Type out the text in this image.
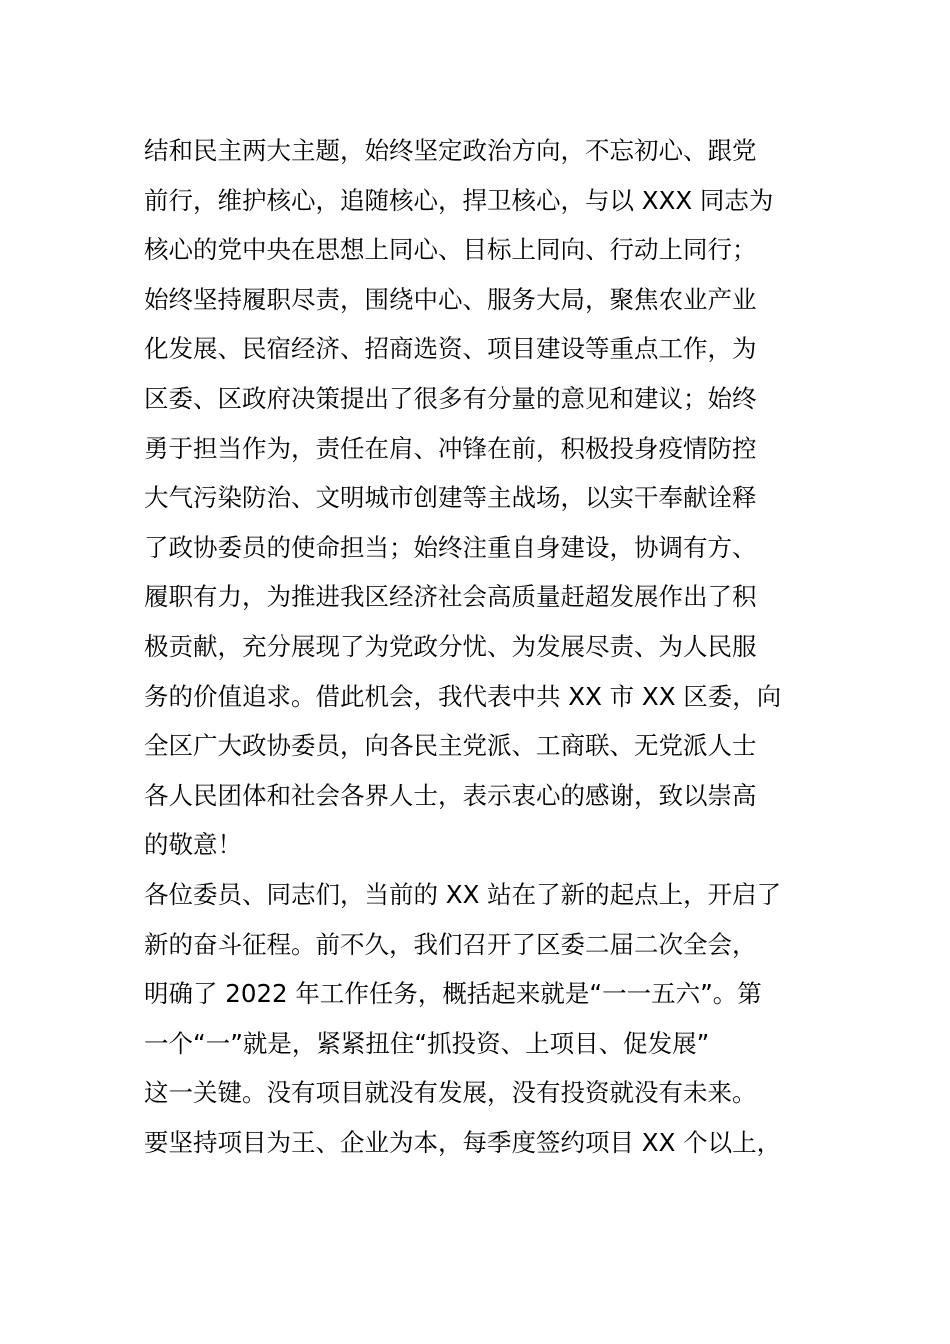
结和民主两大主题，始终坚定政治方向，不忘初心、跟党
前行，维护核心，追随核心，捍卫核心，与以 XXX 同志为
核心的党中央在思想上同心、目标上同向、行动上同行；
始终坚持履职尽责，围绕中心、服务大局，聚焦农业产业
化发展、民宿经济、招商选资、项目建设等重点工作，为
区委、区政府决策提出了很多有分量的意见和建议；始终
勇于担当作为，责任在肩、冲锋在前，积极投身疫情防控
大气污染防治、文明城市创建等主战场，以实干奉献诠释
了政协委员的使命担当；始终注重自身建设，协调有方、
履职有力，为推进我区经济社会高质量赶超发展作出了积
极贡献，充分展现了为党政分忧、为发展尽责、为人民服
务的价值追求。借此机会，我代表中共 XX 市 XX 区委，向
全区广大政协委员，向各民主党派、工商联、无党派人士
各人民团体和社会各界人士，表示衷心的感谢，致以崇高
的敬意！
各位委员、同志们，当前的 XX 站在了新的起点上，开启了
新的奋斗征程。前不久，我们召开了区委二届二次全会，
明确了 2022 年工作任务，概括起来就是“一一五六”。第
一个“一”就是，紧紧扭住“抓投资、上项目、促发展”
这一关键。没有项目就没有发展，没有投资就没有未来。
要坚持项目为王、企业为本，每季度签约项目 XX 个以上，
